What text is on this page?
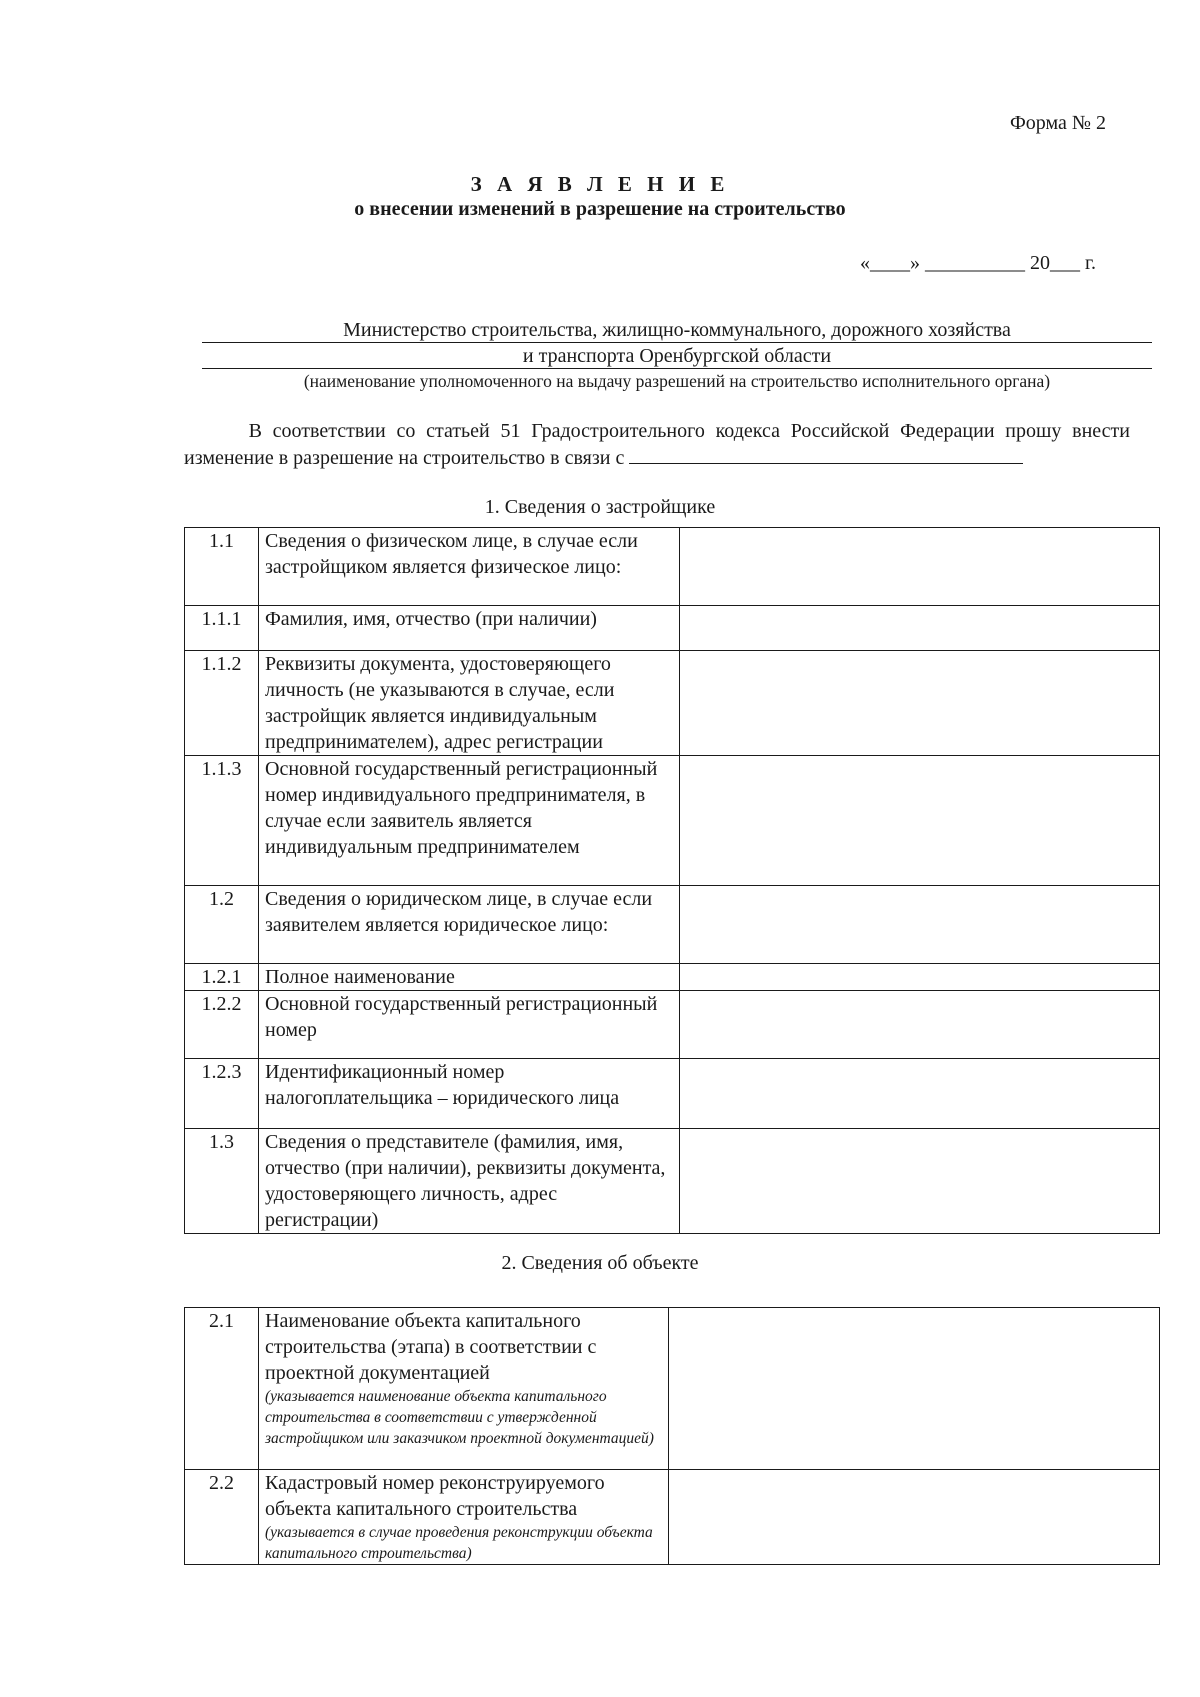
Форма № 2
З А Я В Л Е Н И Е
о внесении изменений в разрешение на строительство
«____» __________ 20___ г.
Министерство строительства, жилищно-коммунального, дорожного хозяйства
и транспорта Оренбургской области
(наименование уполномоченного на выдачу разрешений на строительство исполнительного органа)
В соответствии со статьей 51 Градостроительного кодекса Российской Федерации прошу внести изменение в разрешение на строительство в связи с
1. Сведения о застройщике
1.1	Сведения о физическом лице, в случае если застройщиком является физическое лицо:	
1.1.1	Фамилия, имя, отчество (при наличии)	
1.1.2	Реквизиты документа, удостоверяющего личность (не указываются в случае, если застройщик является индивидуальным предпринимателем), адрес регистрации	
1.1.3	Основной государственный регистрационный номер индивидуального предпринимателя, в случае если заявитель является индивидуальным предпринимателем	
1.2	Сведения о юридическом лице, в случае если заявителем является юридическое лицо:	
1.2.1	Полное наименование	
1.2.2	Основной государственный регистрационный номер	
1.2.3	Идентификационный номер налогоплательщика – юридического лица	
1.3	Сведения о представителе (фамилия, имя, отчество (при наличии), реквизиты документа, удостоверяющего личность, адрес регистрации)	
2. Сведения об объекте
2.1	Наименование объекта капитального строительства (этапа) в соответствии с проектной документацией
(указывается наименование объекта капитального строительства в соответствии с утвержденной застройщиком или заказчиком проектной документацией)	

2.2	Кадастровый номер реконструируемого объекта капитального строительства
(указывается в случае проведения реконструкции объекта капитального строительства)	
